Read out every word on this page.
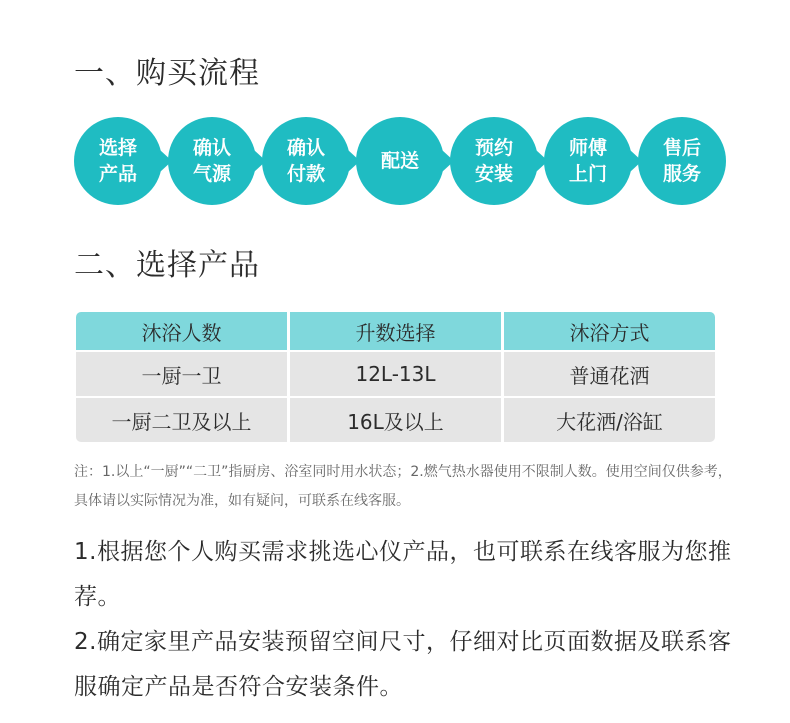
一、购买流程
选择产品
确认气源
确认付款
配送
预约安装
师傅上门
售后服务
二、选择产品
沐浴人数	升数选择	沐浴方式
一厨一卫	12L-13L	普通花洒
一厨二卫及以上	16L及以上	大花洒/浴缸

注：1.以上“一厨”“二卫”指厨房、浴室同时用水状态；2.燃气热水器使用不限制人数。使用空间仅供参考，具体请以实际情况为准，如有疑问，可联系在线客服。

1.根据您个人购买需求挑选心仪产品，也可联系在线客服为您推荐。

2.确定家里产品安装预留空间尺寸，仔细对比页面数据及联系客服确定产品是否符合安装条件。
